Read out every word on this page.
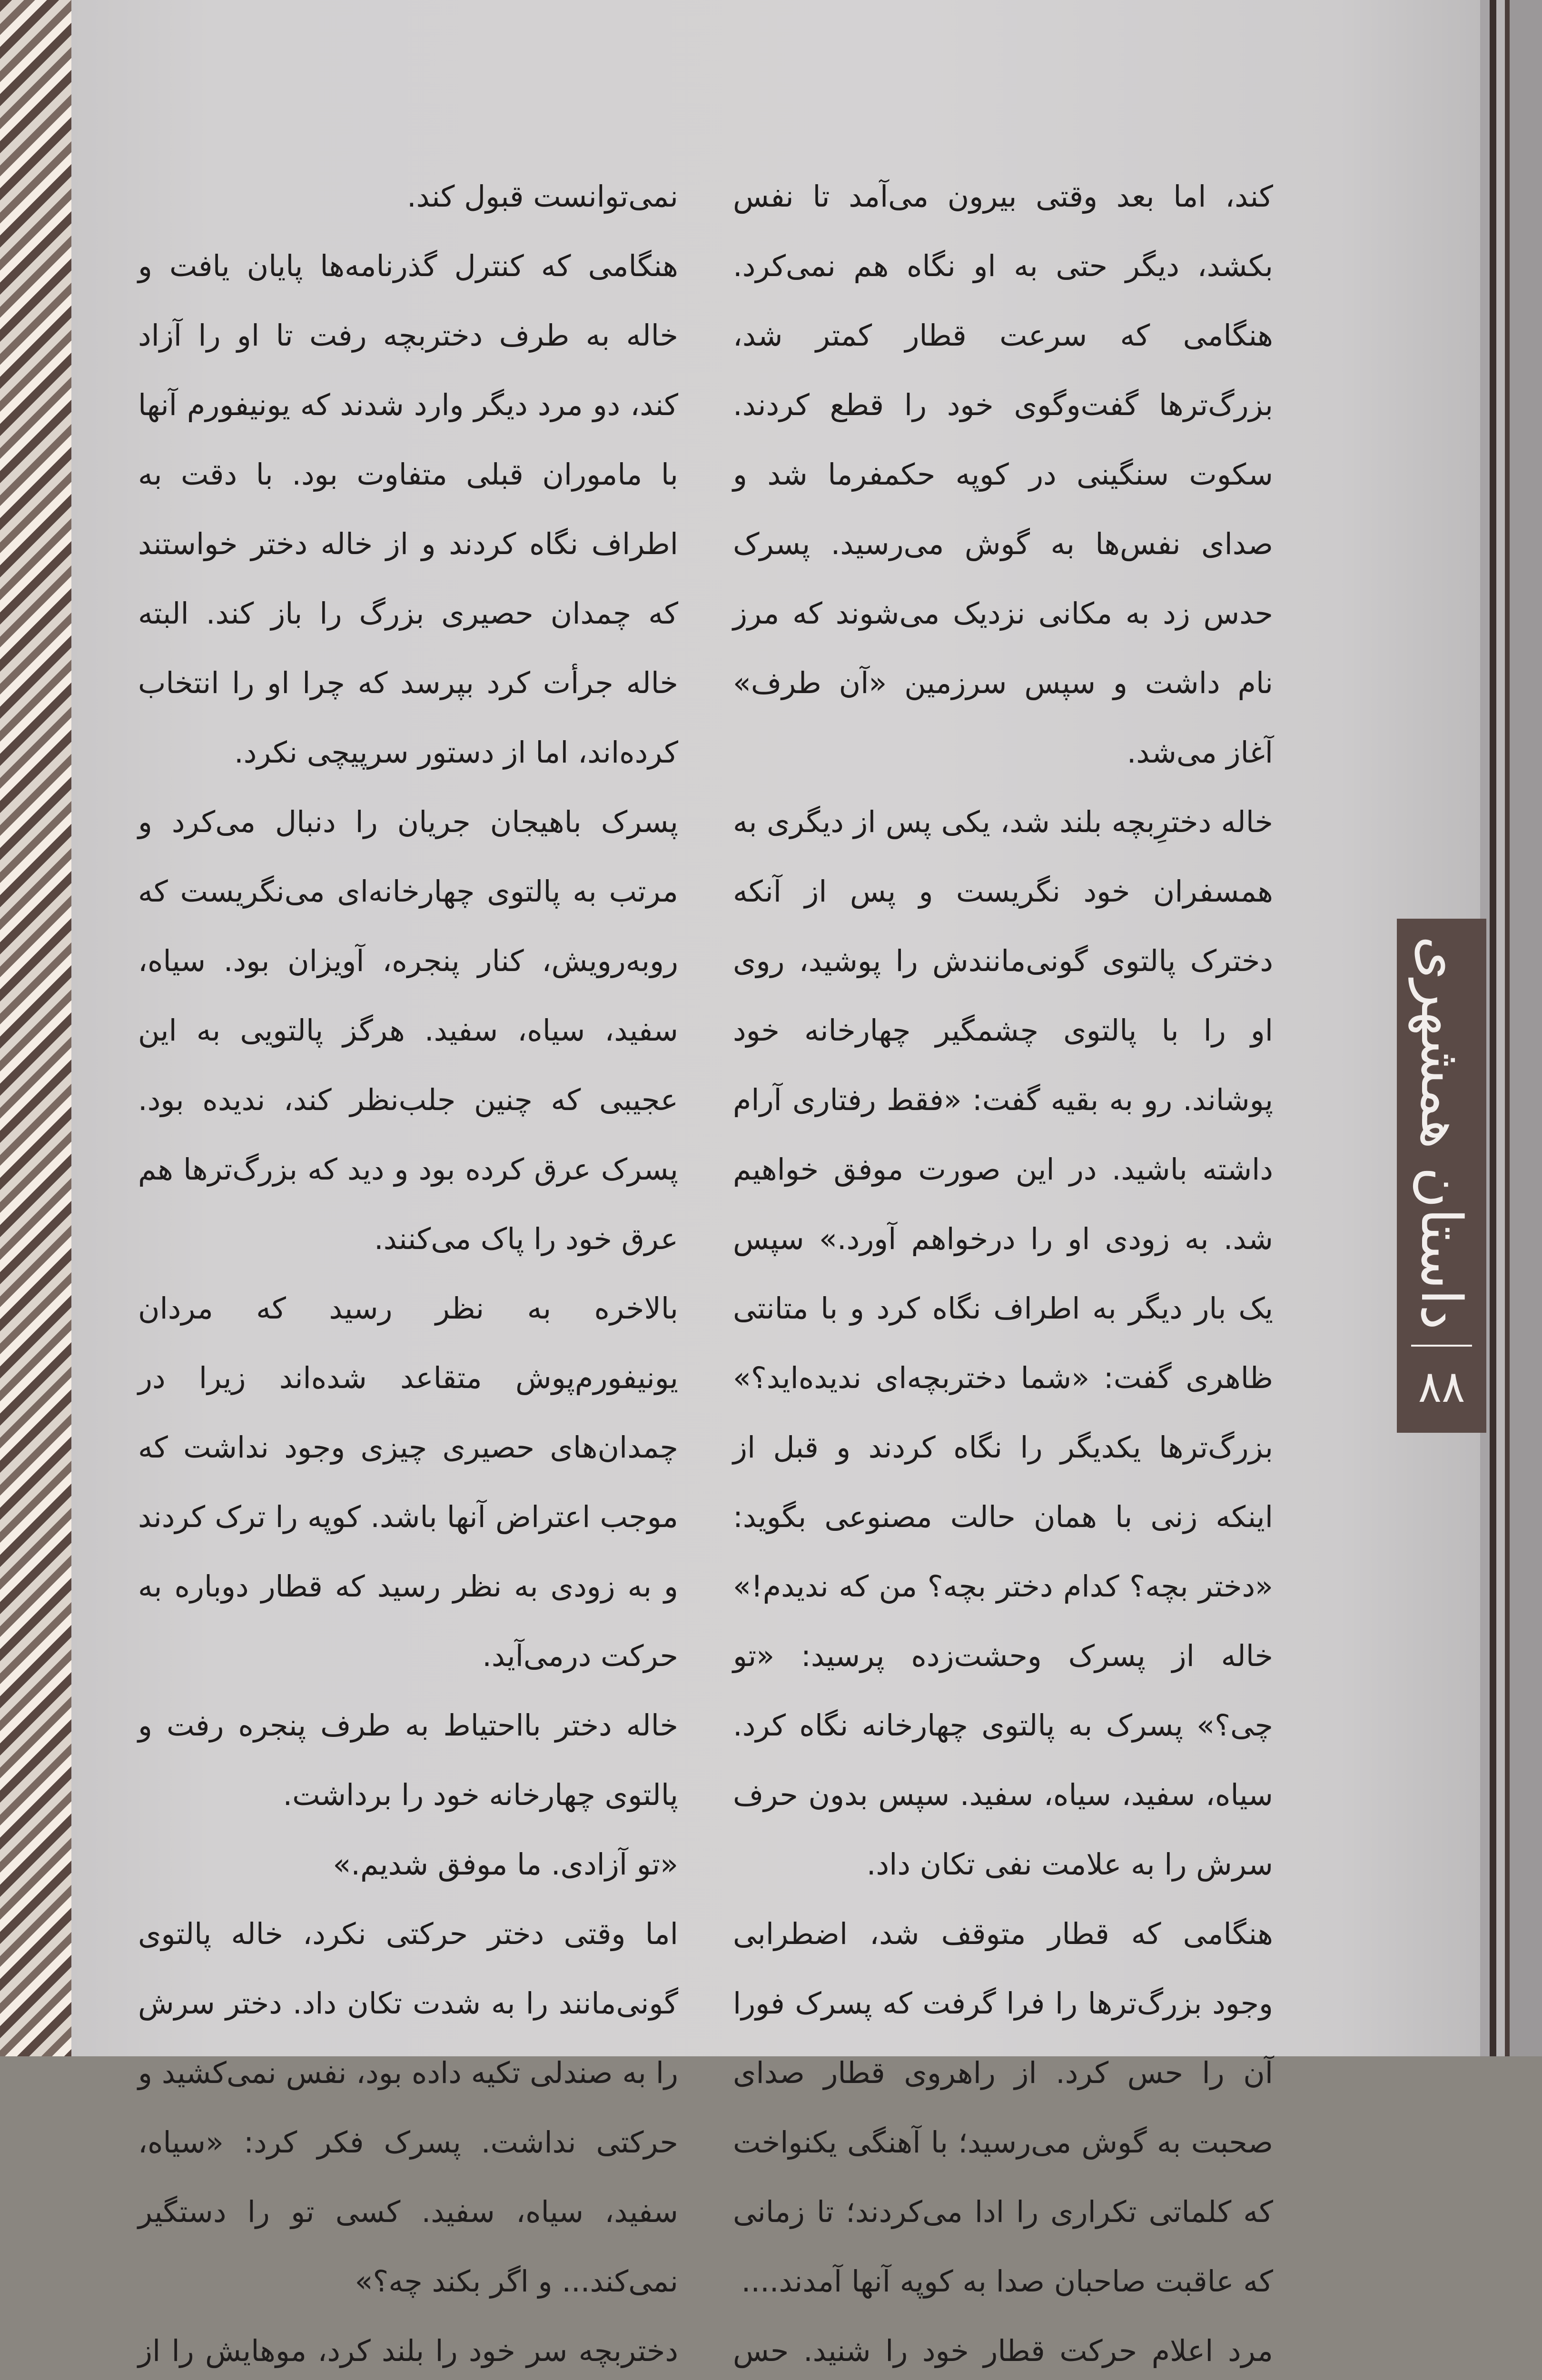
کند، اما بعد وقتی بیرون می‌آمد تا نفس بکشد، دیگر حتی به او نگاه هم نمی‌کرد. هنگامی که سرعت قطار کمتر شد، بزرگ‌ترها گفت‌وگوی خود را قطع کردند. سکوت سنگینی در کوپه حکمفرما شد و صدای نفس‌ها به گوش می‌رسید. پسرک حدس زد به مکانی نزدیک می‌شوند که مرز نام داشت و سپس سرزمین «آن طرف» آغاز می‌شد.

خاله دخترِبچه بلند شد، یکی پس از دیگری به همسفران خود نگریست و پس از آنکه دخترک پالتوی گونی‌مانندش را پوشید، روی او را با پالتوی چشمگیر چهارخانه خود پوشاند. رو به بقیه گفت: «فقط رفتاری آرام داشته باشید. در این صورت موفق خواهیم شد. به زودی او را درخواهم آورد.» سپس یک بار دیگر به اطراف نگاه کرد و با متانتی ظاهری گفت: «شما دختربچه‌ای ندیده‌اید؟» بزرگ‌ترها یکدیگر را نگاه کردند و قبل از اینکه زنی با همان حالت مصنوعی بگوید: «دختر بچه؟ کدام دختر بچه؟ من که ندیدم!» خاله از پسرک وحشت‌زده پرسید: «تو چی؟» پسرک به پالتوی چهارخانه نگاه کرد. سیاه، سفید، سیاه، سفید. سپس بدون حرف سرش را به علامت نفی تکان داد.

هنگامی که قطار متوقف شد، اضطرابی وجود بزرگ‌ترها را فرا گرفت که پسرک فورا آن را حس کرد. از راهروی قطار صدای صحبت به گوش می‌رسید؛ با آهنگی یکنواخت که کلماتی تکراری را ادا می‌کردند؛ تا زمانی که عاقبت صاحبان صدا به کوپه آنها آمدند....

مرد اعلام حرکت قطار خود را شنید. حس

نمی‌توانست قبول کند.

هنگامی که کنترل گذرنامه‌ها پایان یافت و خاله به طرف دختربچه رفت تا او را آزاد کند، دو مرد دیگر وارد شدند که یونیفورم آنها با ماموران قبلی متفاوت بود. با دقت به اطراف نگاه کردند و از خاله دختر خواستند که چمدان حصیری بزرگ را باز کند. البته خاله جرأت کرد بپرسد که چرا او را انتخاب کرده‌اند، اما از دستور سرپیچی نکرد.

پسرک باهیجان جریان را دنبال می‌کرد و مرتب به پالتوی چهارخانه‌ای می‌نگریست که روبه‌رویش، کنار پنجره، آویزان بود. سیاه، سفید، سیاه، سفید. هرگز پالتویی به این عجیبی که چنین جلب‌نظر کند، ندیده بود. پسرک عرق کرده بود و دید که بزرگ‌ترها هم عرق خود را پاک می‌کنند.

بالاخره به نظر رسید که مردان یونیفورم‌پوش متقاعد شده‌اند زیرا در چمدان‌های حصیری چیزی وجود نداشت که موجب اعتراض آنها باشد. کوپه را ترک کردند و به زودی به نظر رسید که قطار دوباره به حرکت درمی‌آید.

خاله دختر بااحتیاط به طرف پنجره رفت و پالتوی چهارخانه خود را برداشت.

«تو آزادی. ما موفق شدیم.»

اما وقتی دختر حرکتی نکرد، خاله پالتوی گونی‌مانند را به شدت تکان داد. دختر سرش را به صندلی تکیه داده بود، نفس نمی‌کشید و حرکتی نداشت. پسرک فکر کرد: «سیاه، سفید، سیاه، سفید. کسی تو را دستگیر نمی‌کند... و اگر بکند چه؟»

دختربچه سر خود را بلند کرد، موهایش را از

داستان همشهری
۸۸
